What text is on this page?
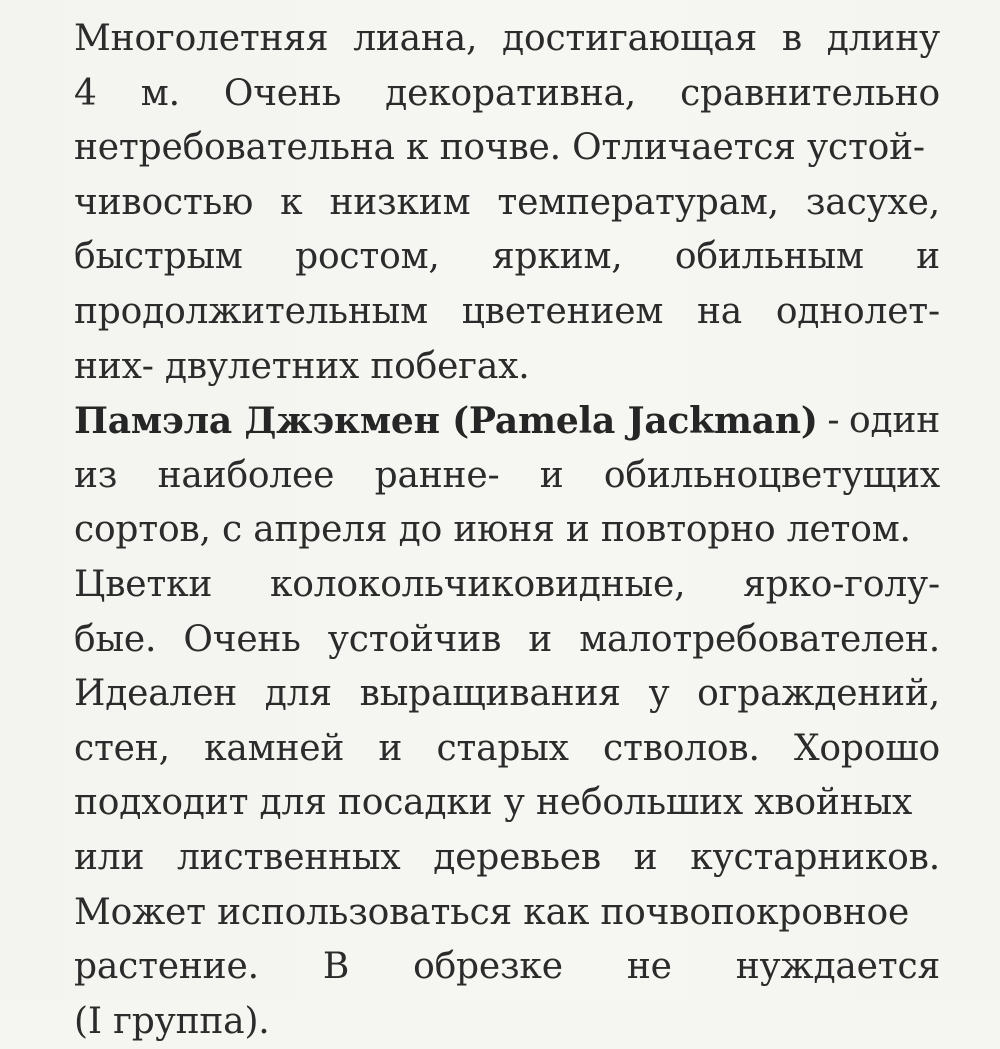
Многолетняя лиана, достигающая в длину
4 м. Очень декоративна, сравнительно
нетребовательна к почве. Отличается устой-
чивостью к низким температурам, засухе,
быстрым ростом, ярким, обильным и
продолжительным цветением на однолет-
них- двулетних побегах.
Памэла Джэкмен (Pamela Jackman) - один
из наиболее ранне- и обильноцветущих
сортов, с апреля до июня и повторно летом.
Цветки колокольчиковидные, ярко-голу-
бые. Очень устойчив и малотребователен.
Идеален для выращивания у ограждений,
стен, камней и старых стволов. Хорошо
подходит для посадки у небольших хвойных
или лиственных деревьев и кустарников.
Может использоваться как почвопокровное
растение. В обрезке не нуждается
(I группа).
